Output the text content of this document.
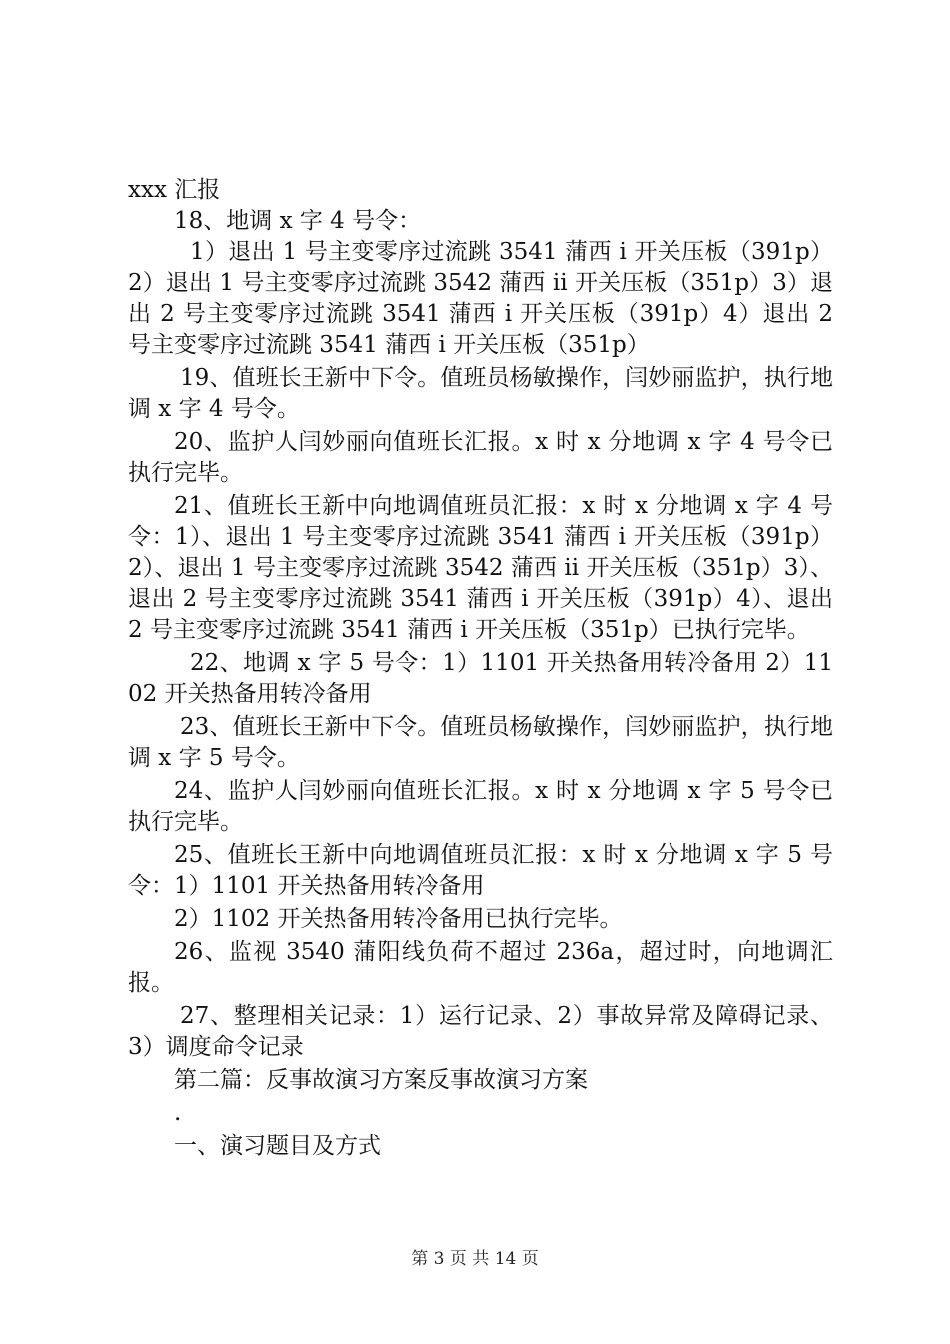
xxx 汇报

18、地调 x 字 4 号令：

1）退出 1 号主变零序过流跳 3541 蒲西 i 开关压板（391p）2）退出 1 号主变零序过流跳 3542 蒲西 ii 开关压板（351p）3）退出 2 号主变零序过流跳 3541 蒲西 i 开关压板（391p）4）退出 2 号主变零序过流跳 3541 蒲西 i 开关压板（351p）

19、值班长王新中下令。值班员杨敏操作，闫妙丽监护，执行地调 x 字 4 号令。

20、监护人闫妙丽向值班长汇报。x 时 x 分地调 x 字 4 号令已执行完毕。

21、值班长王新中向地调值班员汇报：x 时 x 分地调 x 字 4 号令：1）、退出 1 号主变零序过流跳 3541 蒲西 i 开关压板（391p）2）、退出 1 号主变零序过流跳 3542 蒲西 ii 开关压板（351p）3）、退出 2 号主变零序过流跳 3541 蒲西 i 开关压板（391p）4）、退出 2 号主变零序过流跳 3541 蒲西 i 开关压板（351p）已执行完毕。

22、地调 x 字 5 号令：1）1101 开关热备用转冷备用 2）1102 开关热备用转冷备用

23、值班长王新中下令。值班员杨敏操作，闫妙丽监护，执行地调 x 字 5 号令。

24、监护人闫妙丽向值班长汇报。x 时 x 分地调 x 字 5 号令已执行完毕。

25、值班长王新中向地调值班员汇报：x 时 x 分地调 x 字 5 号令：1）1101 开关热备用转冷备用

2）1102 开关热备用转冷备用已执行完毕。

26、监视 3540 蒲阳线负荷不超过 236a，超过时，向地调汇报。

27、整理相关记录：1）运行记录、2）事故异常及障碍记录、3）调度命令记录

第二篇：反事故演习方案反事故演习方案

.

一、演习题目及方式

第 3 页 共 14 页
